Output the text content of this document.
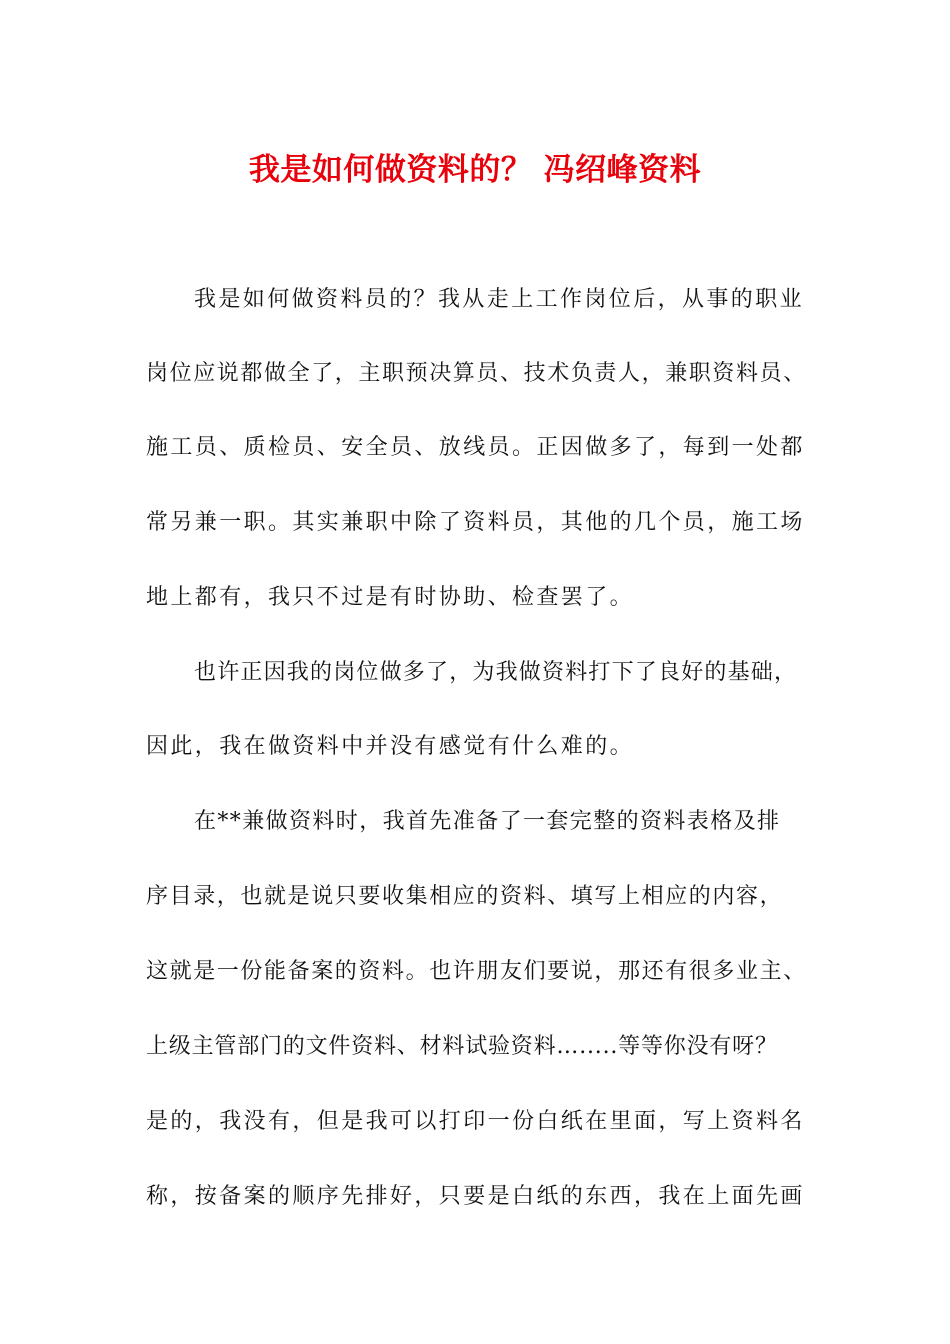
我是如何做资料的？ 冯绍峰资料
我是如何做资料员的？我从走上工作岗位后，从事的职业
岗位应说都做全了，主职预决算员、技术负责人，兼职资料员、
施工员、质检员、安全员、放线员。正因做多了，每到一处都
常另兼一职。其实兼职中除了资料员，其他的几个员，施工场
地上都有，我只不过是有时协助、检查罢了。
也许正因我的岗位做多了，为我做资料打下了良好的基础，
因此，我在做资料中并没有感觉有什么难的。
在**兼做资料时，我首先准备了一套完整的资料表格及排
序目录，也就是说只要收集相应的资料、填写上相应的内容，
这就是一份能备案的资料。也许朋友们要说，那还有很多业主、
上级主管部门的文件资料、材料试验资料….....等等你没有呀？
是的，我没有，但是我可以打印一份白纸在里面，写上资料名
称，按备案的顺序先排好，只要是白纸的东西，我在上面先画
